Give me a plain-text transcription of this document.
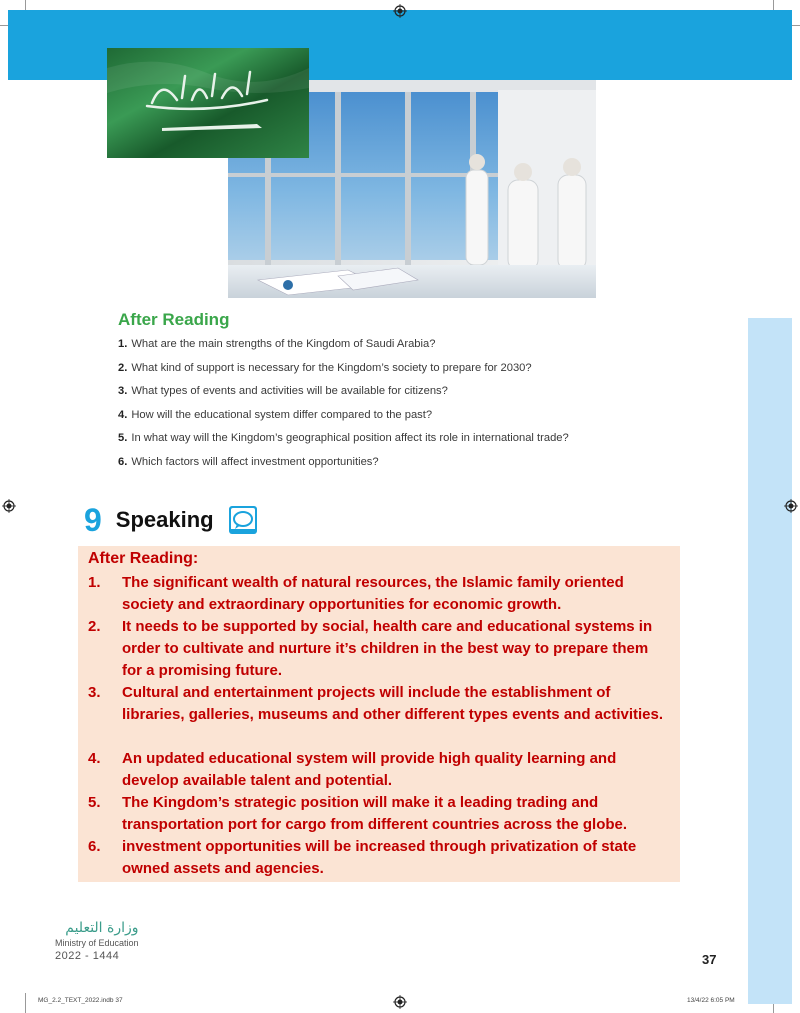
After Reading
1. What are the main strengths of the Kingdom of Saudi Arabia?
2. What kind of support is necessary for the Kingdom’s society to prepare for 2030?
3. What types of events and activities will be available for citizens?
4. How will the educational system differ compared to the past?
5. In what way will the Kingdom’s geographical position affect its role in international trade?
6. Which factors will affect investment opportunities?
9 Speaking
After Reading:
1. The significant wealth of natural resources, the Islamic family oriented society and extraordinary opportunities for economic growth.
2. It needs to be supported by social, health care and educational systems in order to cultivate and nurture it’s children in the best way to prepare them for a promising future.
3. Cultural and entertainment projects will include the establishment of libraries, galleries, museums and other different types events and activities.
4. An updated educational system will provide high quality learning and develop available talent and potential.
5. The Kingdom’s strategic position will make it a leading trading and transportation port for cargo from different countries across the globe.
6. investment opportunities will be increased through privatization of state owned assets and agencies.
وزارة التعليم
Ministry of Education
2022 - 1444	37
MG_2.2_TEXT_2022.indb 37	13/4/22 6:05 PM
